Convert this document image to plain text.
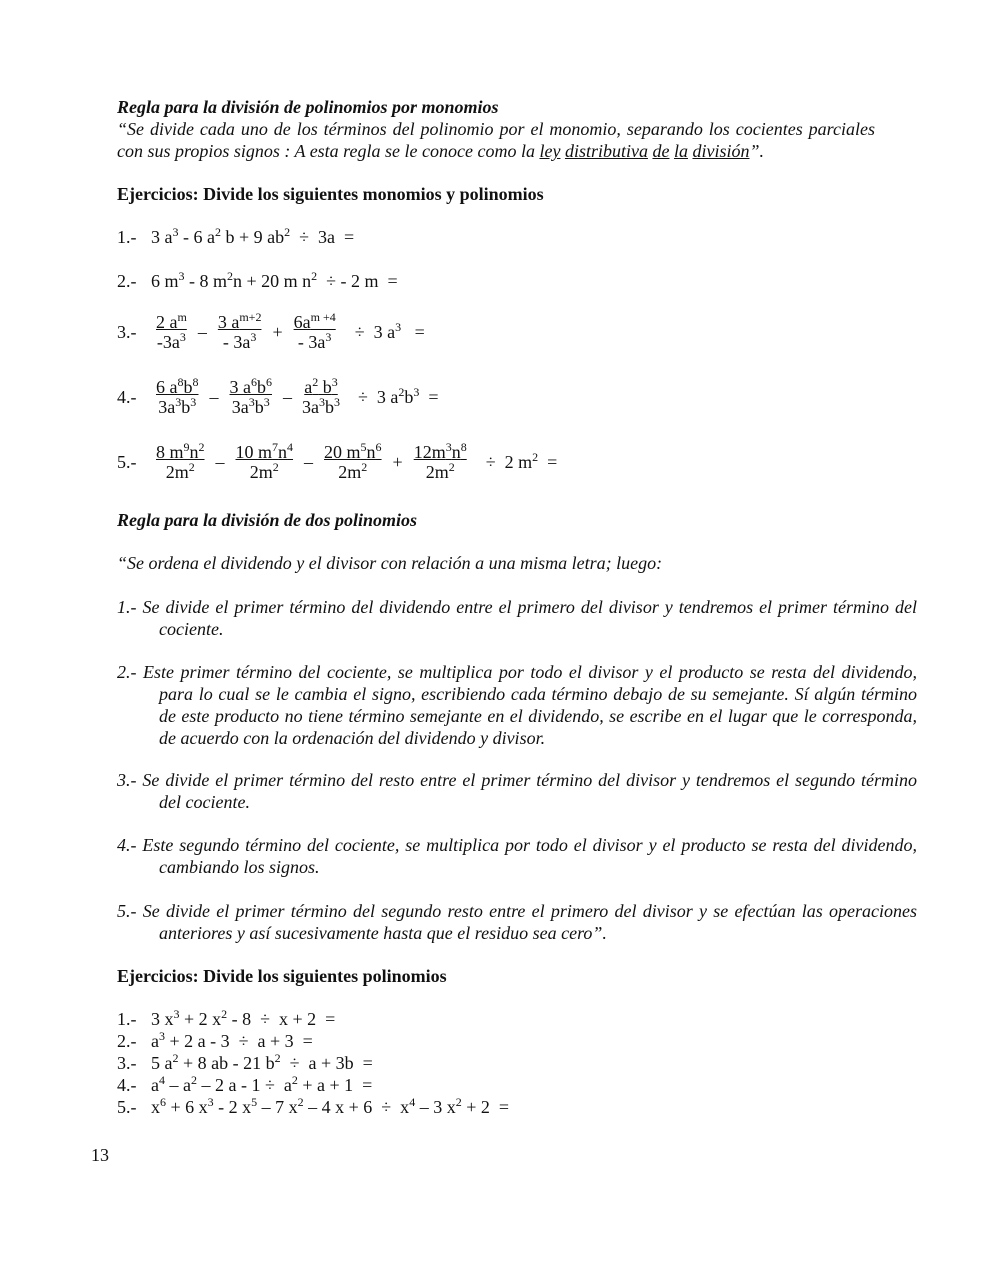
Regla para la división de polinomios por monomios
“Se divide cada uno de los términos del polinomio por el monomio, separando los cocientes parciales con sus propios signos : A esta regla se le conoce como la ley distributiva de la división”.
Ejercicios: Divide los siguientes monomios y polinomios
1.- 3 $a^3 - 6$ $a^2$ b + 9 $ab^2 \div 3a$  =
2.- 6 $m^3 - 8$ $m^2n + 20$ m $n^2$  ÷ - 2 m  =
$3.- \frac{2 a^m}{-3a^3} - \frac{3 a^{m+2}}{- 3a^3} + \frac{6a^{m +4}}{- 3a^3} \div 3$ $a^3$   =
$4.- \frac{6 a^8b^8}{3a^3b^3} - \frac{3 a^6b^6}{3a^3b^3} - \frac{a^2 b^3}{3a^3b^3} \div 3$ $a^2b^3$  =
$5.- \frac{8 m^9n^2}{2m^2} - \frac{10 m^7n^4}{2m^2} - \frac{20 m^5n^6}{2m^2} + \frac{12m^3n^8}{2m^2} \div 2$ $m^2$  =
Regla para la división de dos polinomios
“Se ordena el dividendo y el divisor con relación a una misma letra; luego:
1.- Se divide el primer término del dividendo entre el primero del divisor y tendremos el primer término del cociente.
2.- Este primer término del cociente, se multiplica por todo el divisor y el producto se resta del dividendo, para lo cual se le cambia el signo, escribiendo cada término debajo de su semejante. Sí algún término de este producto no tiene término semejante en el dividendo, se escribe en el lugar que le corresponda, de acuerdo con la ordenación del dividendo y divisor.
3.- Se divide el primer término del resto entre el primer término del divisor y tendremos el segundo término del cociente.
4.- Este segundo término del cociente, se multiplica por todo el divisor y el producto se resta del dividendo, cambiando los signos.
5.- Se divide el primer término del segundo resto entre el primero del divisor y se efectúan las operaciones anteriores y así sucesivamente hasta que el residuo sea cero”.
Ejercicios: Divide los siguientes polinomios
1.- 3 $x^3 + 2$ $x^2 - 8 \div x + 2$  =
2.- $a^3 + 2$ a - 3  ÷  a + 3  =
3.- 5 $a^2 + 8$ ab - 21 $b^2 \div a + 3b$  =
4.- $a^4 - a^2 - 2$ $a - 1 \div a^2 + a + 1$  =
5.- $x^6 + 6$ $x^3 - 2$ $x^5 - 7$ $x^2 - 4$ $x + 6 \div x^4 - 3$ $x^2 + 2$  =
13
